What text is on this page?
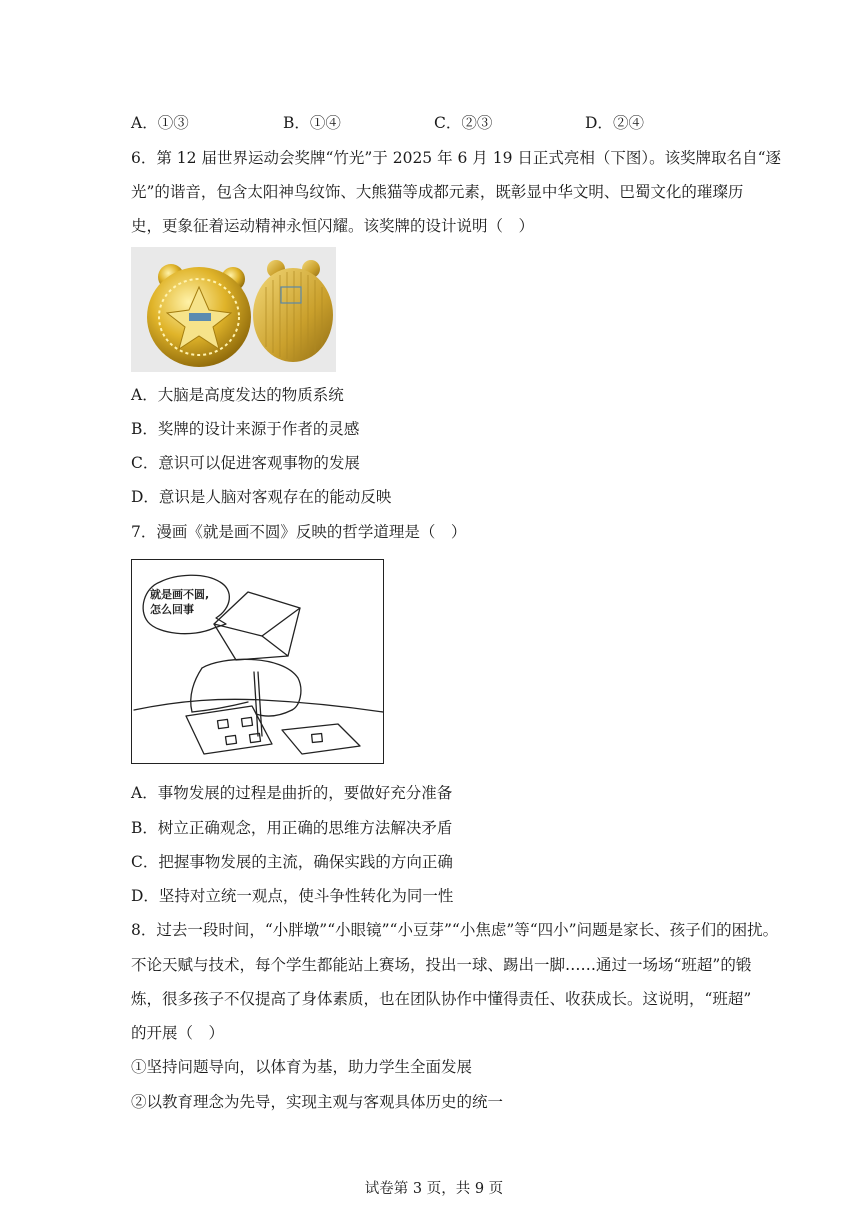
A．①③	B．①④	C．②③	D．②④
6．第 12 届世界运动会奖牌“竹光”于 2025 年 6 月 19 日正式亮相（下图）。该奖牌取名自“逐
光”的谐音，包含太阳神鸟纹饰、大熊猫等成都元素，既彰显中华文明、巴蜀文化的璀璨历
史，更象征着运动精神永恒闪耀。该奖牌的设计说明（　）
A．大脑是高度发达的物质系统
B．奖牌的设计来源于作者的灵感
C．意识可以促进客观事物的发展
D．意识是人脑对客观存在的能动反映
7．漫画《就是画不圆》反映的哲学道理是（　）
就是画不圆,
怎么回事
A．事物发展的过程是曲折的，要做好充分准备
B．树立正确观念，用正确的思维方法解决矛盾
C．把握事物发展的主流，确保实践的方向正确
D．坚持对立统一观点，使斗争性转化为同一性
8．过去一段时间，“小胖墩”“小眼镜”“小豆芽”“小焦虑”等“四小”问题是家长、孩子们的困扰。
不论天赋与技术，每个学生都能站上赛场，投出一球、踢出一脚……通过一场场“班超”的锻
炼，很多孩子不仅提高了身体素质，也在团队协作中懂得责任、收获成长。这说明，“班超”
的开展（　）
①坚持问题导向，以体育为基，助力学生全面发展
②以教育理念为先导，实现主观与客观具体历史的统一
试卷第 3 页，共 9 页
